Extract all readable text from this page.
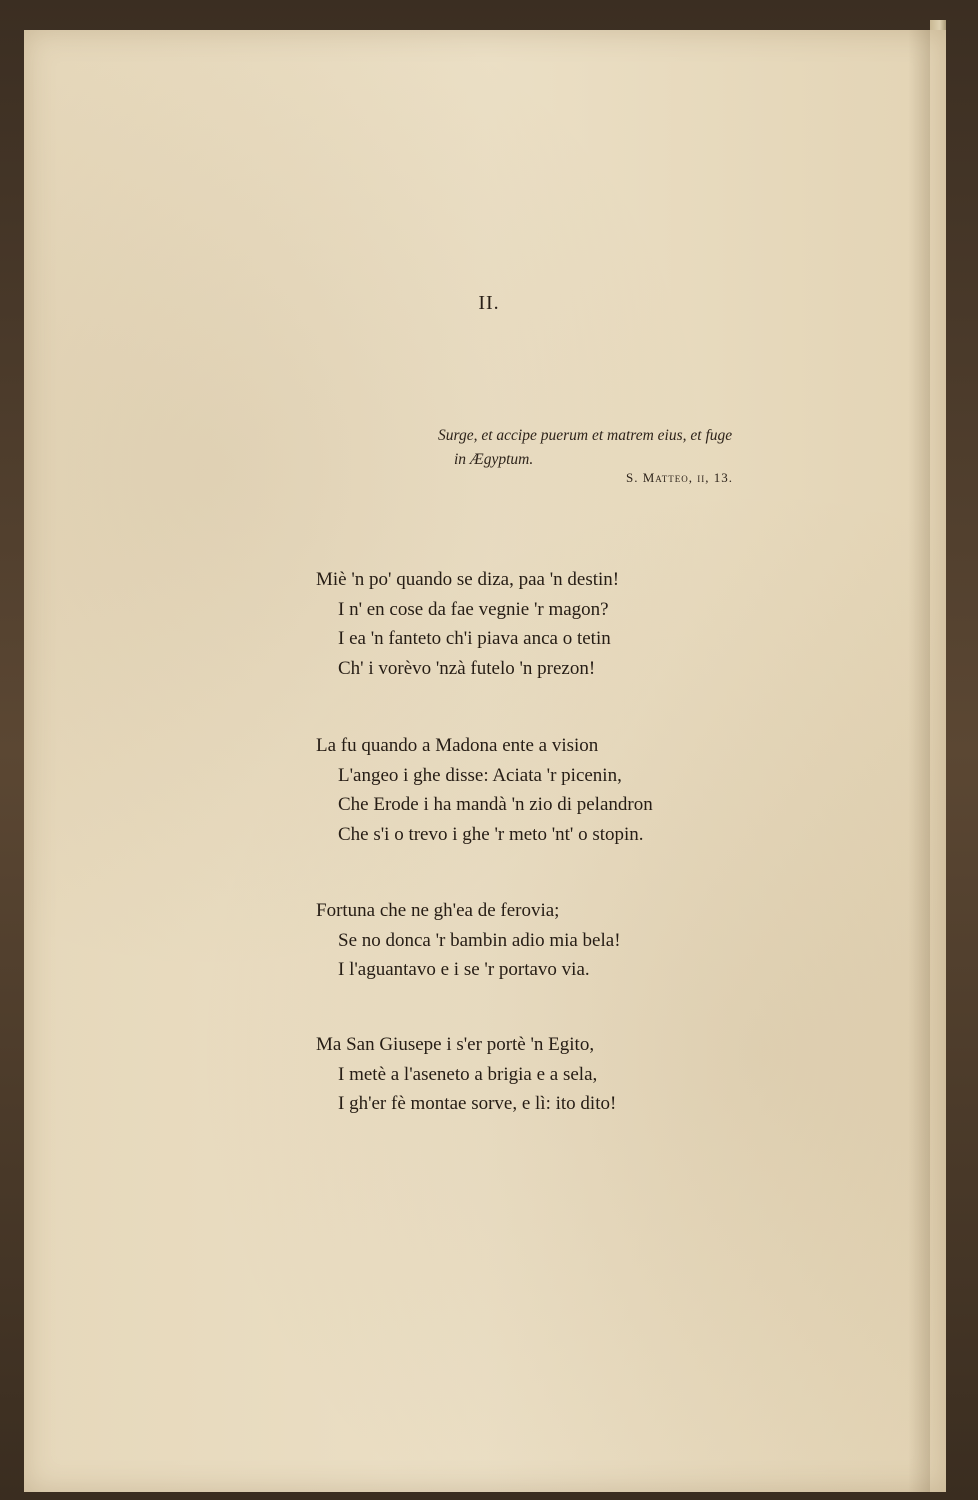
II.
Surge, et accipe puerum et matrem eius, et fuge
in Ægyptum.
S. Matteo, ii, 13.
Miè 'n po' quando se diza, paa 'n destin!
I n' en cose da fae vegnie 'r magon?
I ea 'n fanteto ch'i piava anca o tetin
Ch' i vorèvo 'nzà futelo 'n prezon!
La fu quando a Madona ente a vision
L'angeo i ghe disse: Aciata 'r picenin,
Che Erode i ha mandà 'n zio di pelandron
Che s'i o trevo i ghe 'r meto 'nt' o stopin.
Fortuna che ne gh'ea de ferovia;
Se no donca 'r bambin adio mia bela!
I l'aguantavo e i se 'r portavo via.
Ma San Giusepe i s'er portè 'n Egito,
I metè a l'aseneto a brigia e a sela,
I gh'er fè montae sorve, e lì: ito dito!
